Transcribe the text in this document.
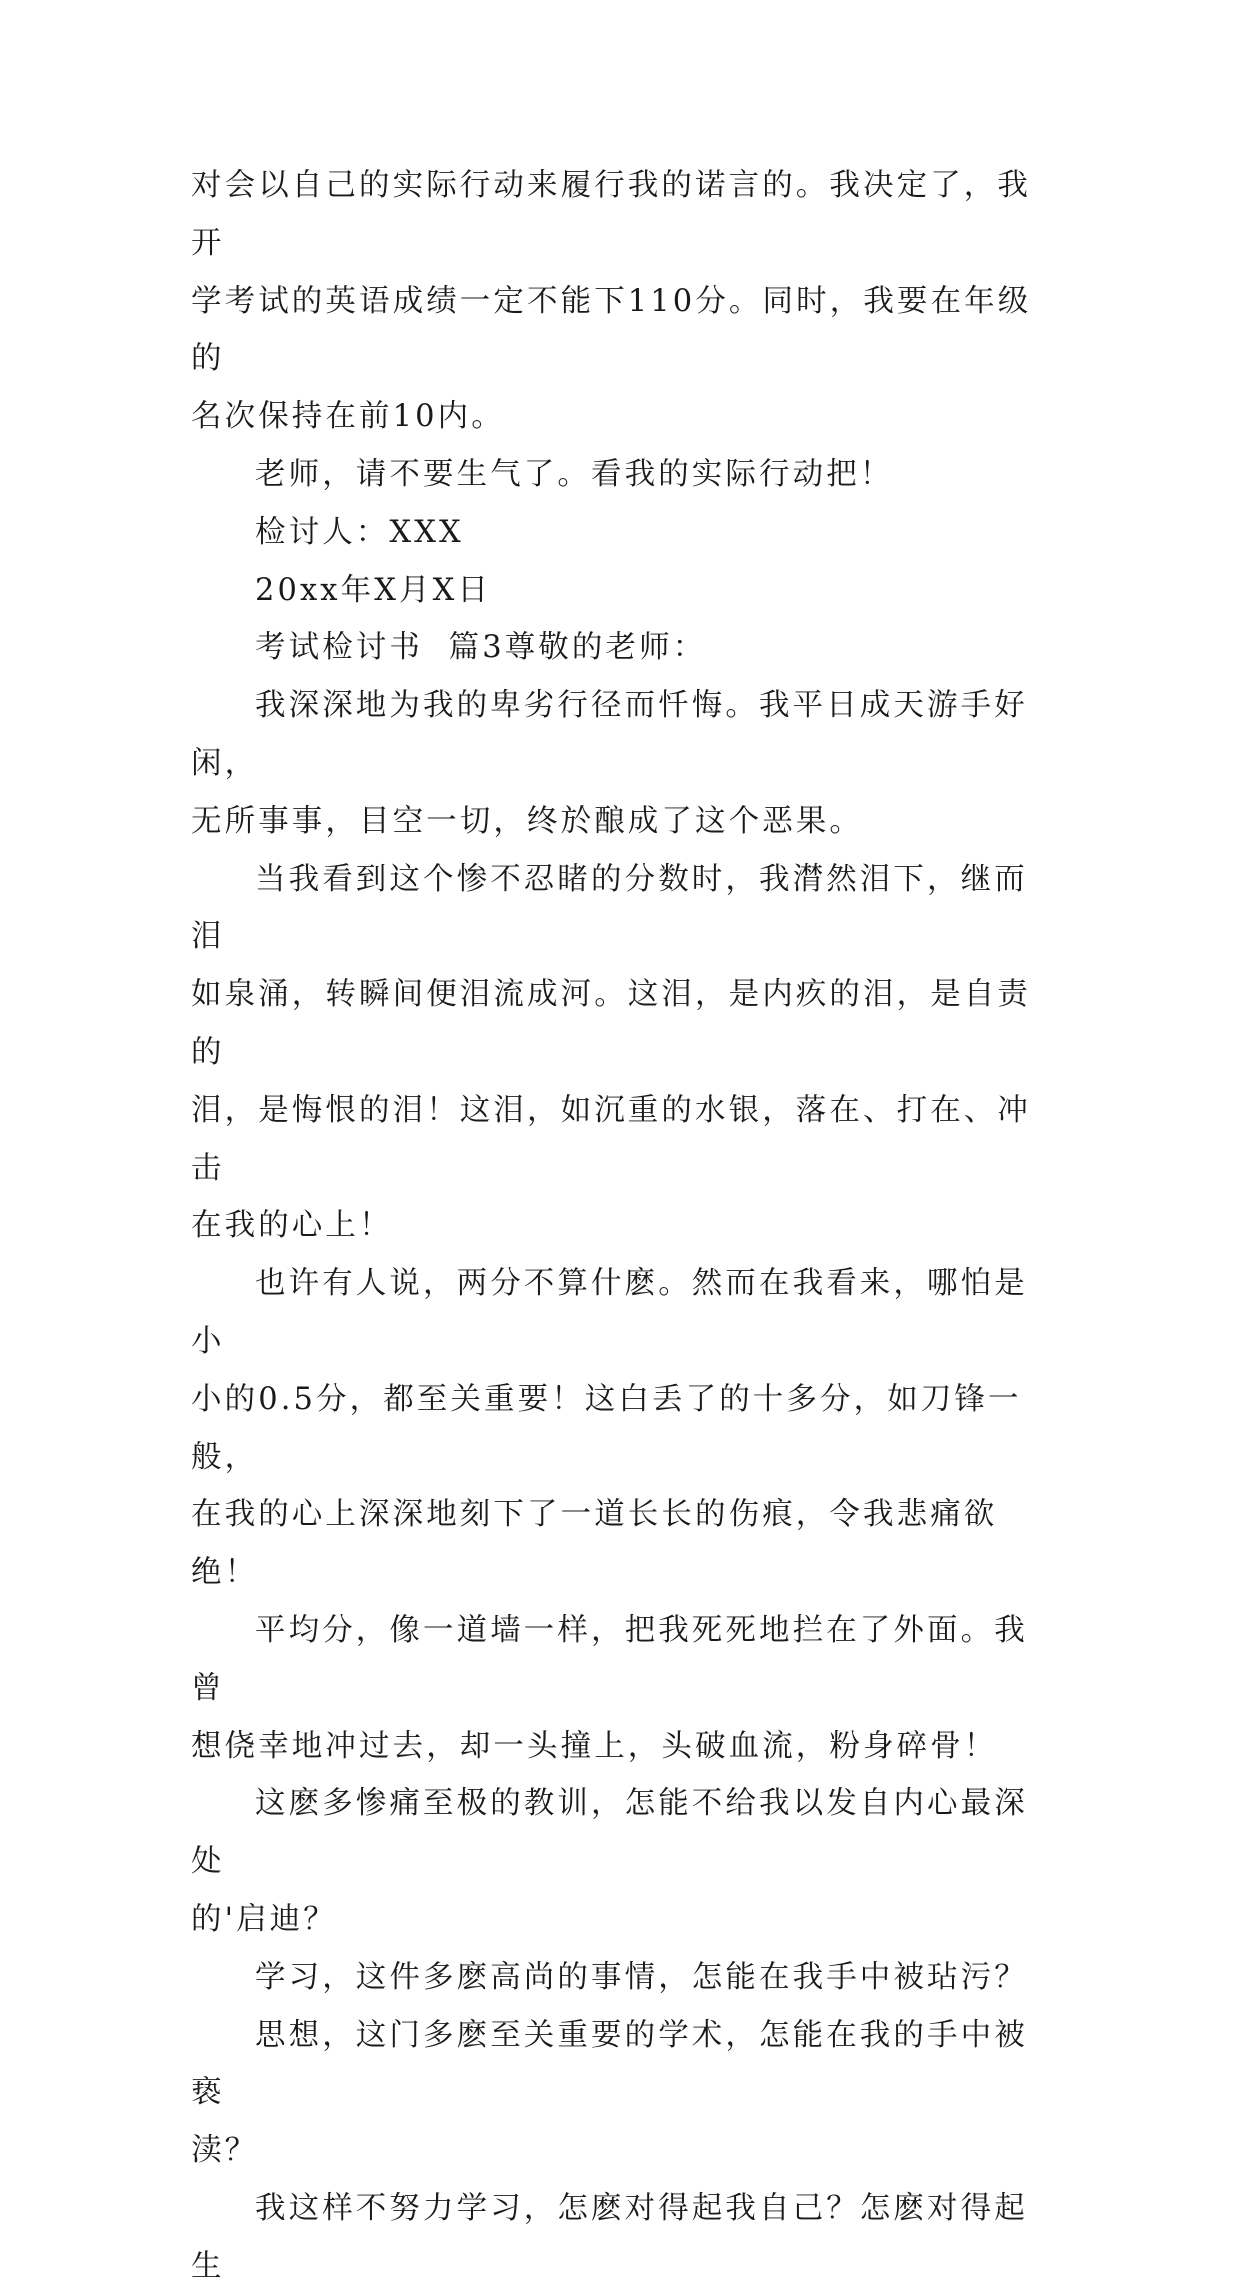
对会以自己的实际行动来履行我的诺言的。我决定了，我开
学考试的英语成绩一定不能下110分。同时，我要在年级的
名次保持在前10内。

老师，请不要生气了。看我的实际行动把！

检讨人：XXX

20xx年X月X日

考试检讨书  篇3尊敬的老师：

我深深地为我的卑劣行径而忏悔。我平日成天游手好闲，
无所事事，目空一切，终於酿成了这个恶果。

当我看到这个惨不忍睹的分数时，我潸然泪下，继而泪
如泉涌，转瞬间便泪流成河。这泪，是内疚的泪，是自责的
泪，是悔恨的泪！这泪，如沉重的水银，落在、打在、冲击
在我的心上！

也许有人说，两分不算什麽。然而在我看来，哪怕是小
小的0.5分，都至关重要！这白丢了的十多分，如刀锋一般，
在我的心上深深地刻下了一道长长的伤痕，令我悲痛欲绝！

平均分，像一道墙一样，把我死死地拦在了外面。我曾
想侥幸地冲过去，却一头撞上，头破血流，粉身碎骨！

这麽多惨痛至极的教训，怎能不给我以发自内心最深处
的'启迪？

学习，这件多麽高尚的事情，怎能在我手中被玷污？

思想，这门多麽至关重要的学术，怎能在我的手中被亵
渎？

我这样不努力学习，怎麽对得起我自己？怎麽对得起生
